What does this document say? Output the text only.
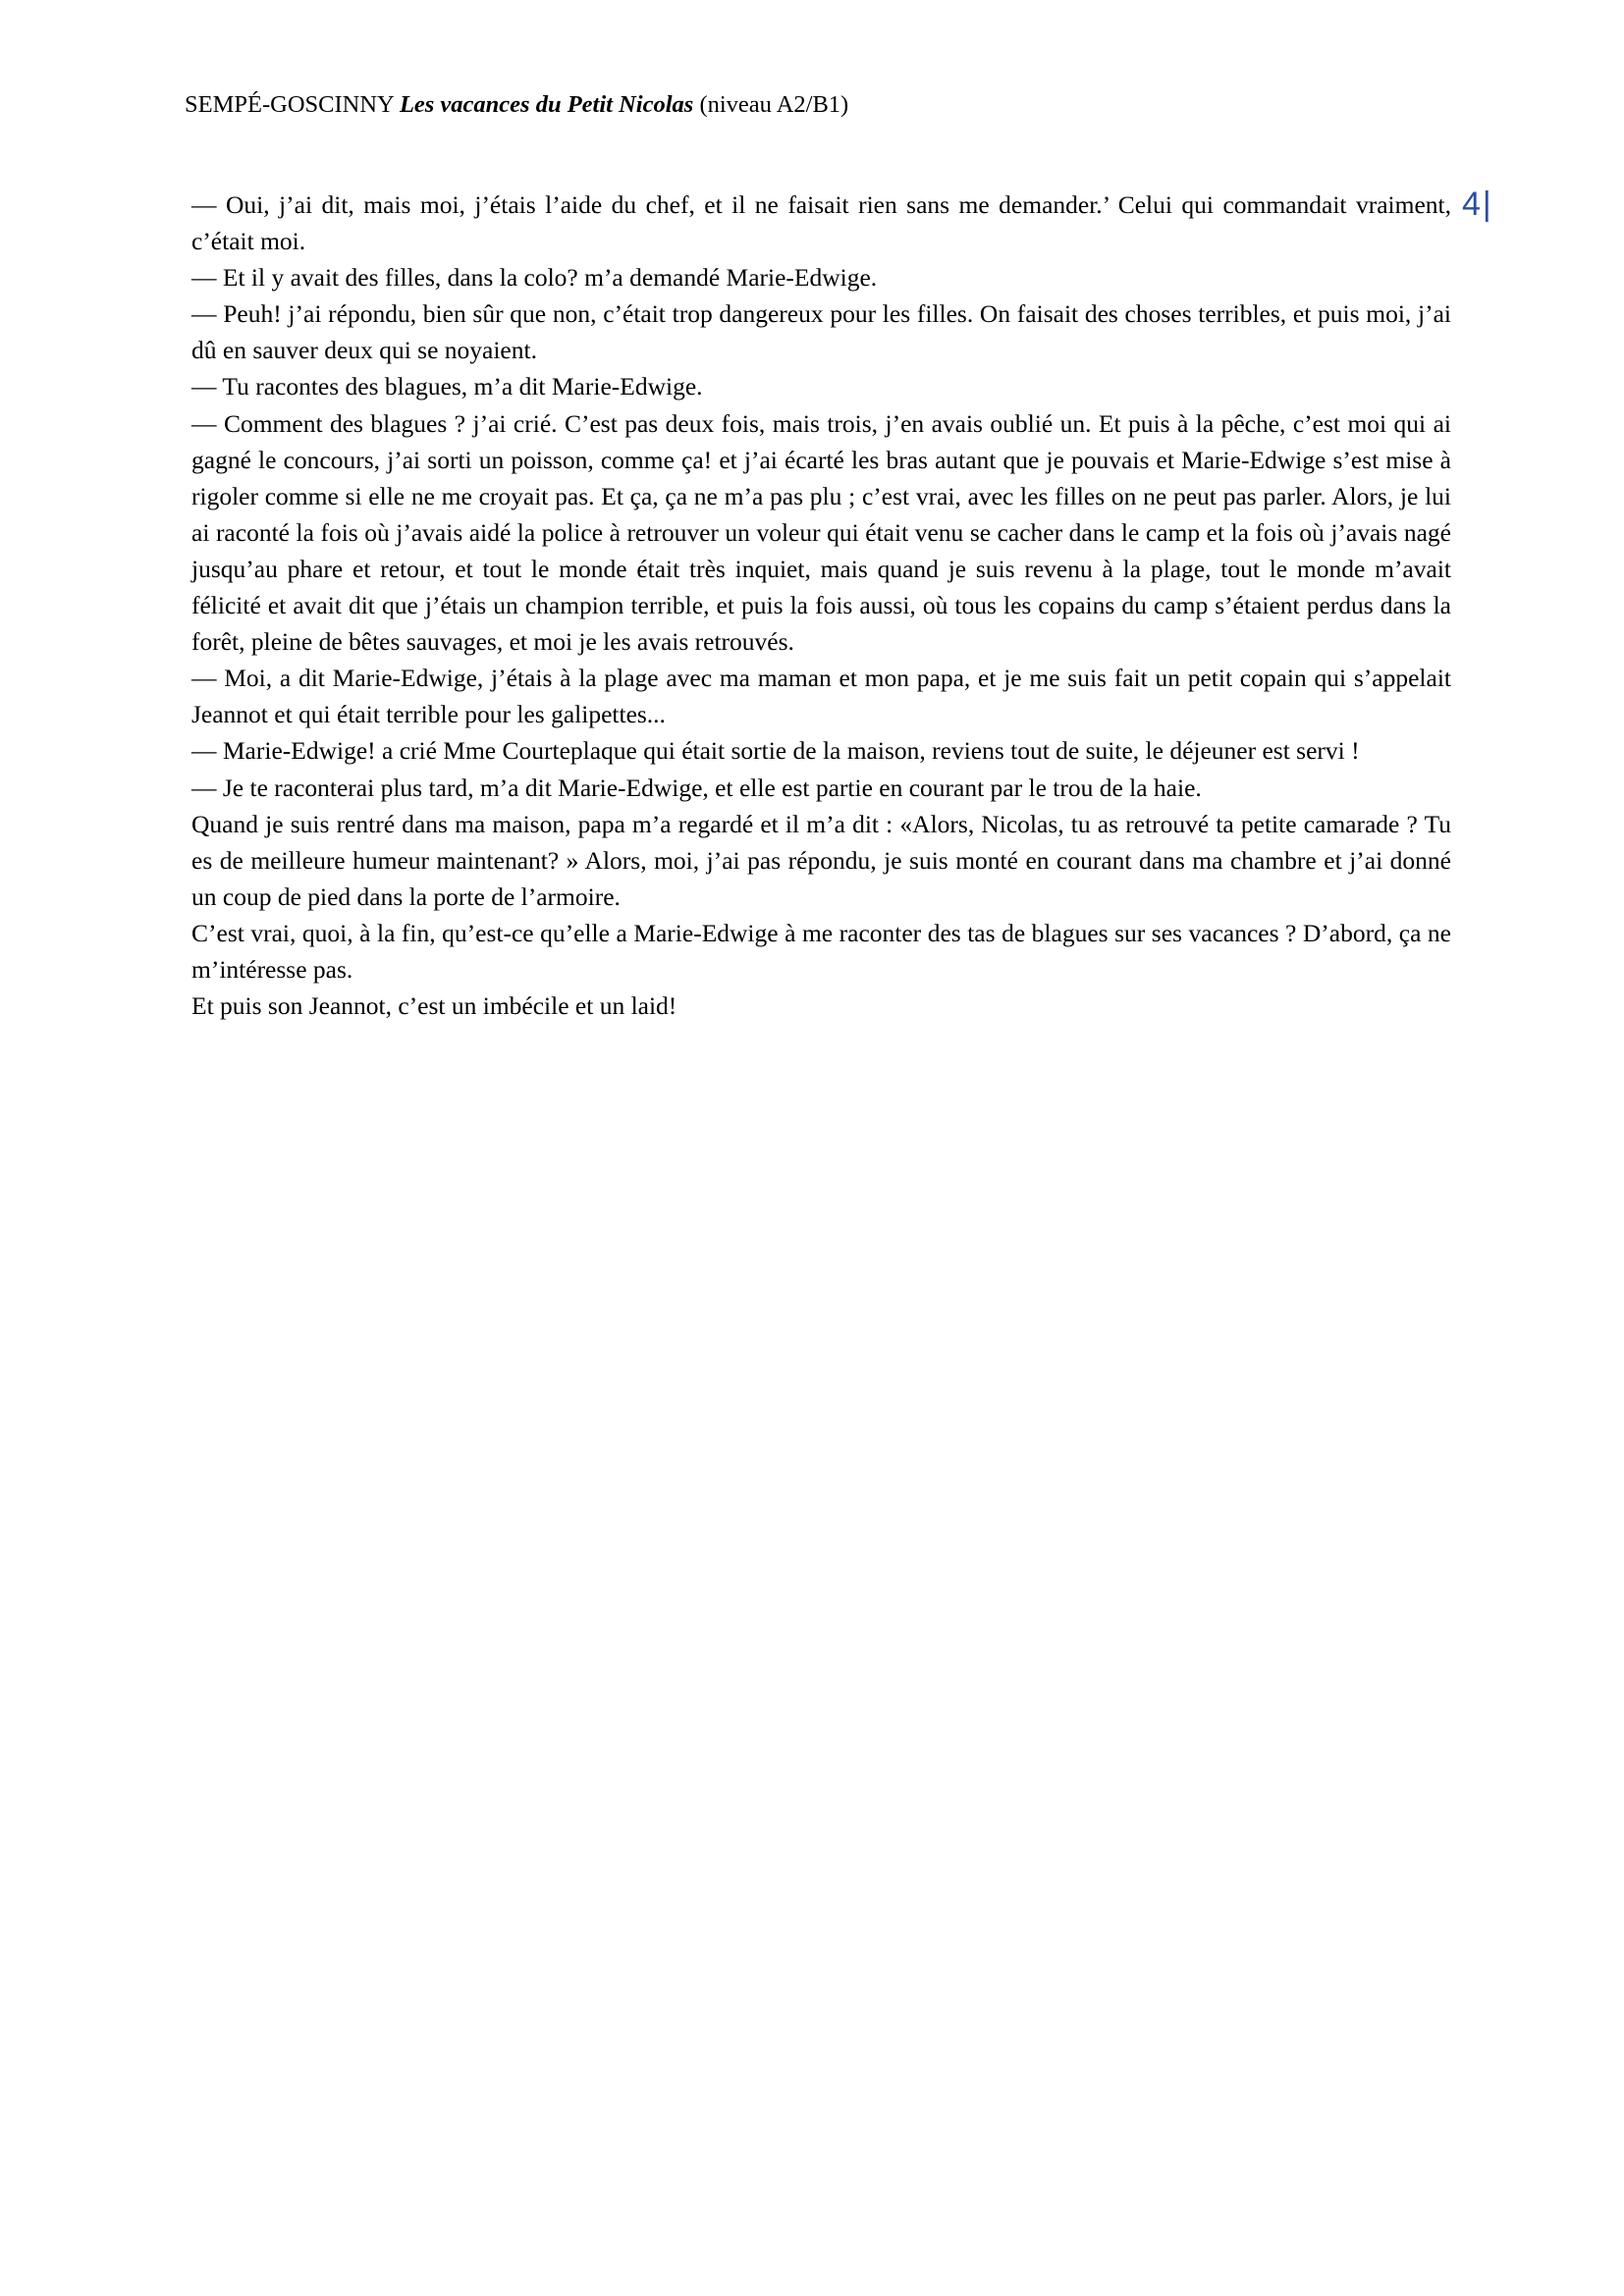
SEMPÉ-GOSCINNY Les vacances du Petit Nicolas (niveau A2/B1)
4|

— Oui, j’ai dit, mais moi, j’étais l’aide du chef, et il ne faisait rien sans me demander.’ Celui qui commandait vraiment, c’était moi.

— Et il y avait des filles, dans la colo? m’a demandé Marie-Edwige.

— Peuh! j’ai répondu, bien sûr que non, c’était trop dangereux pour les filles. On faisait des choses terribles, et puis moi, j’ai dû en sauver deux qui se noyaient.

— Tu racontes des blagues, m’a dit Marie-Edwige.

— Comment des blagues ? j’ai crié. C’est pas deux fois, mais trois, j’en avais oublié un. Et puis à la pêche, c’est moi qui ai gagné le concours, j’ai sorti un poisson, comme ça! et j’ai écarté les bras autant que je pouvais et Marie-Edwige s’est mise à rigoler comme si elle ne me croyait pas. Et ça, ça ne m’a pas plu ; c’est vrai, avec les filles on ne peut pas parler. Alors, je lui ai raconté la fois où j’avais aidé la police à retrouver un voleur qui était venu se cacher dans le camp et la fois où j’avais nagé jusqu’au phare et retour, et tout le monde était très inquiet, mais quand je suis revenu à la plage, tout le monde m’avait félicité et avait dit que j’étais un champion terrible, et puis la fois aussi, où tous les copains du camp s’étaient perdus dans la forêt, pleine de bêtes sauvages, et moi je les avais retrouvés.

— Moi, a dit Marie-Edwige, j’étais à la plage avec ma maman et mon papa, et je me suis fait un petit copain qui s’appelait Jeannot et qui était terrible pour les galipettes...

— Marie-Edwige! a crié Mme Courteplaque qui était sortie de la maison, reviens tout de suite, le déjeuner est servi !

— Je te raconterai plus tard, m’a dit Marie-Edwige, et elle est partie en courant par le trou de la haie.

Quand je suis rentré dans ma maison, papa m’a regardé et il m’a dit : «Alors, Nicolas, tu as retrouvé ta petite camarade ? Tu es de meilleure humeur maintenant? » Alors, moi, j’ai pas répondu, je suis monté en courant dans ma chambre et j’ai donné un coup de pied dans la porte de l’armoire.

C’est vrai, quoi, à la fin, qu’est-ce qu’elle a Marie-Edwige à me raconter des tas de blagues sur ses vacances ? D’abord, ça ne m’intéresse pas.

Et puis son Jeannot, c’est un imbécile et un laid!
